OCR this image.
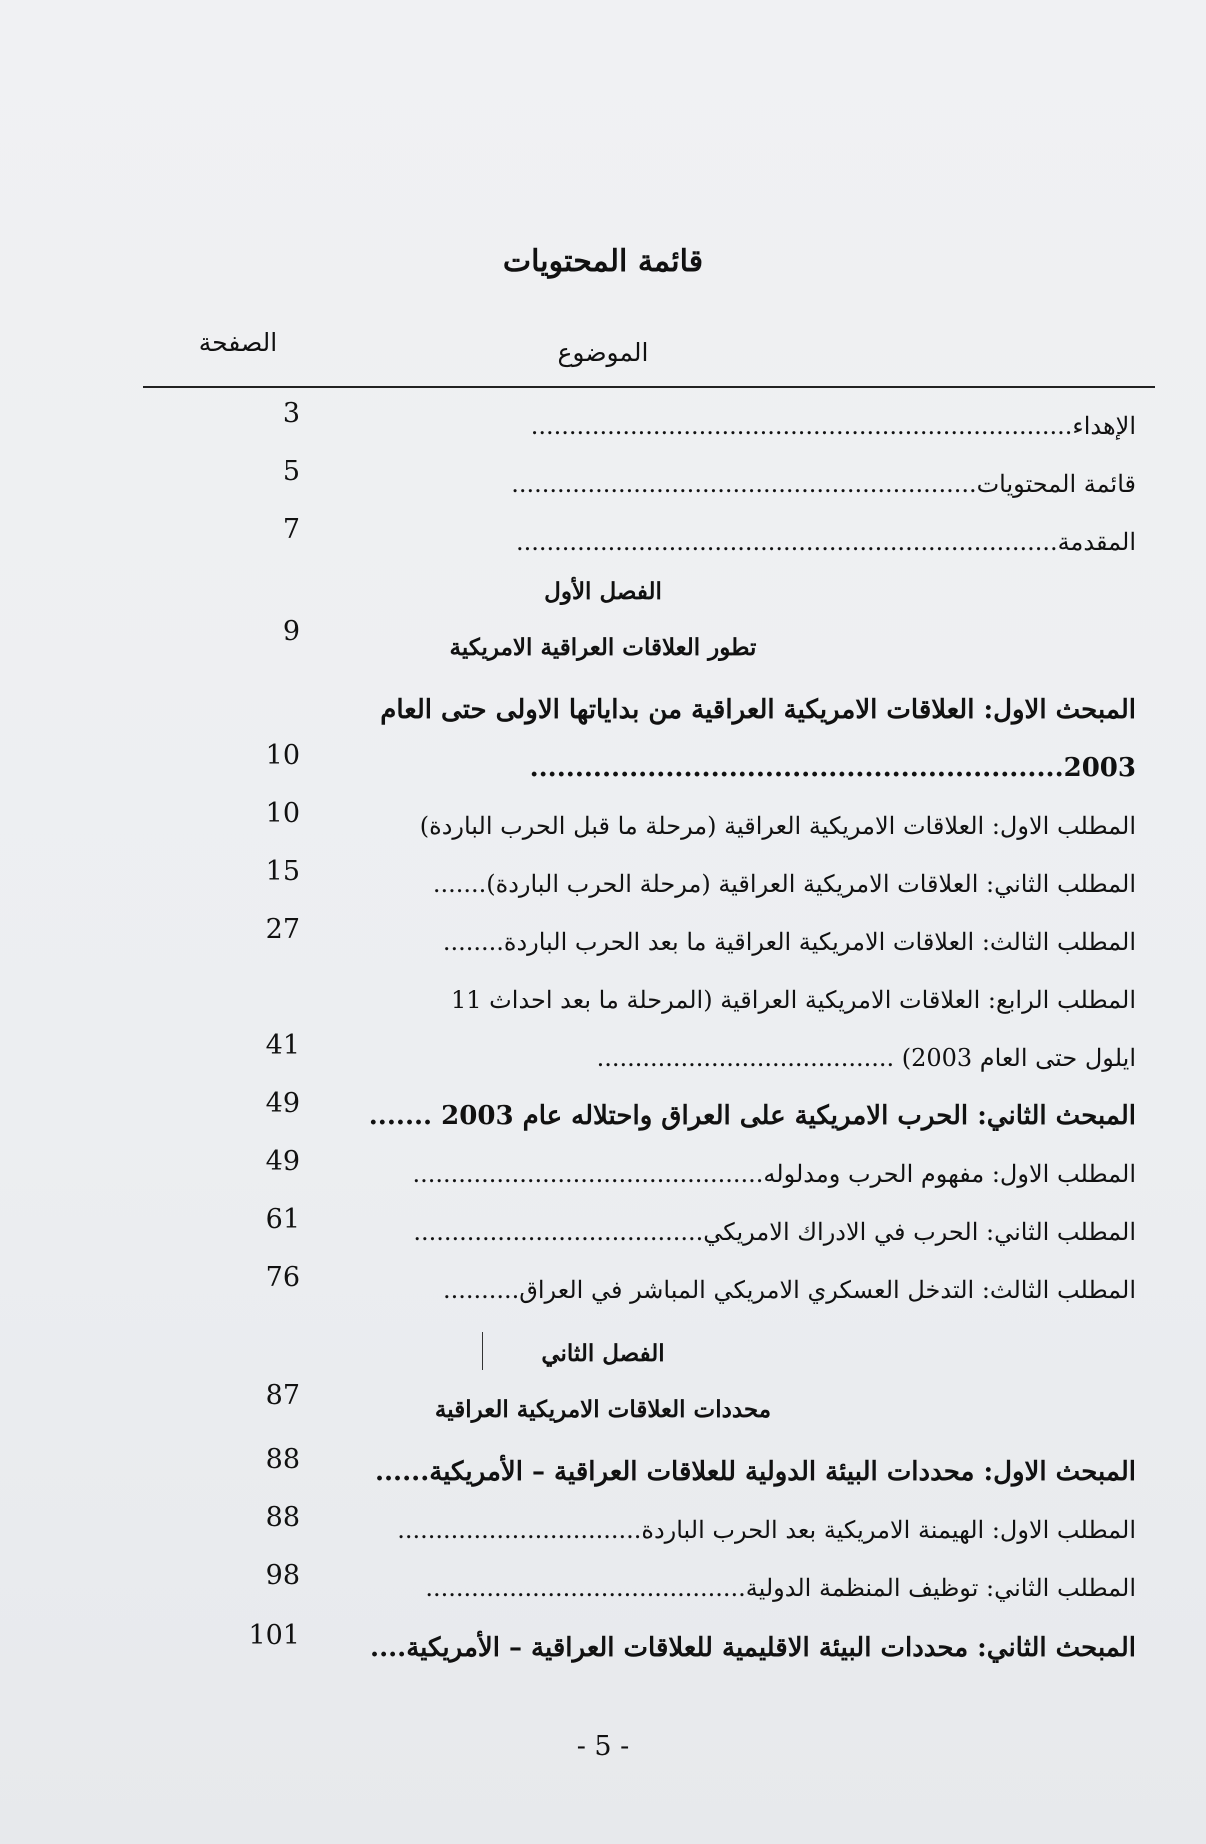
قائمة المحتويات
الصفحة	الموضوع
الإهداء.......................................................................
3
قائمة المحتويات.............................................................
5
المقدمة.......................................................................
7
الفصل الأول
9
تطور العلاقات العراقية الامريكية
المبحث الاول: العلاقات الامريكية العراقية من بداياتها الاولى حتى العام
2003...........................................................
10
المطلب الاول: العلاقات الامريكية العراقية (مرحلة ما قبل الحرب الباردة)
10
المطلب الثاني: العلاقات الامريكية العراقية (مرحلة الحرب الباردة).......
15
المطلب الثالث: العلاقات الامريكية العراقية ما بعد الحرب الباردة........
27
المطلب الرابع: العلاقات الامريكية العراقية (المرحلة ما بعد احداث 11
ايلول حتى العام 2003) .......................................
41
المبحث الثاني: الحرب الامريكية على العراق واحتلاله عام 2003 .......
49
المطلب الاول: مفهوم الحرب ومدلوله..............................................
49
المطلب الثاني: الحرب في الادراك الامريكي......................................
61
المطلب الثالث: التدخل العسكري الامريكي المباشر في العراق..........
76
الفصل الثاني
87	محددات العلاقات الامريكية العراقية
المبحث الاول: محددات البيئة الدولية للعلاقات العراقية – الأمريكية......
88
المطلب الاول: الهيمنة الامريكية بعد الحرب الباردة................................
88
المطلب الثاني: توظيف المنظمة الدولية..........................................
98
المبحث الثاني: محددات البيئة الاقليمية للعلاقات العراقية – الأمريكية....
101
- 5 -
